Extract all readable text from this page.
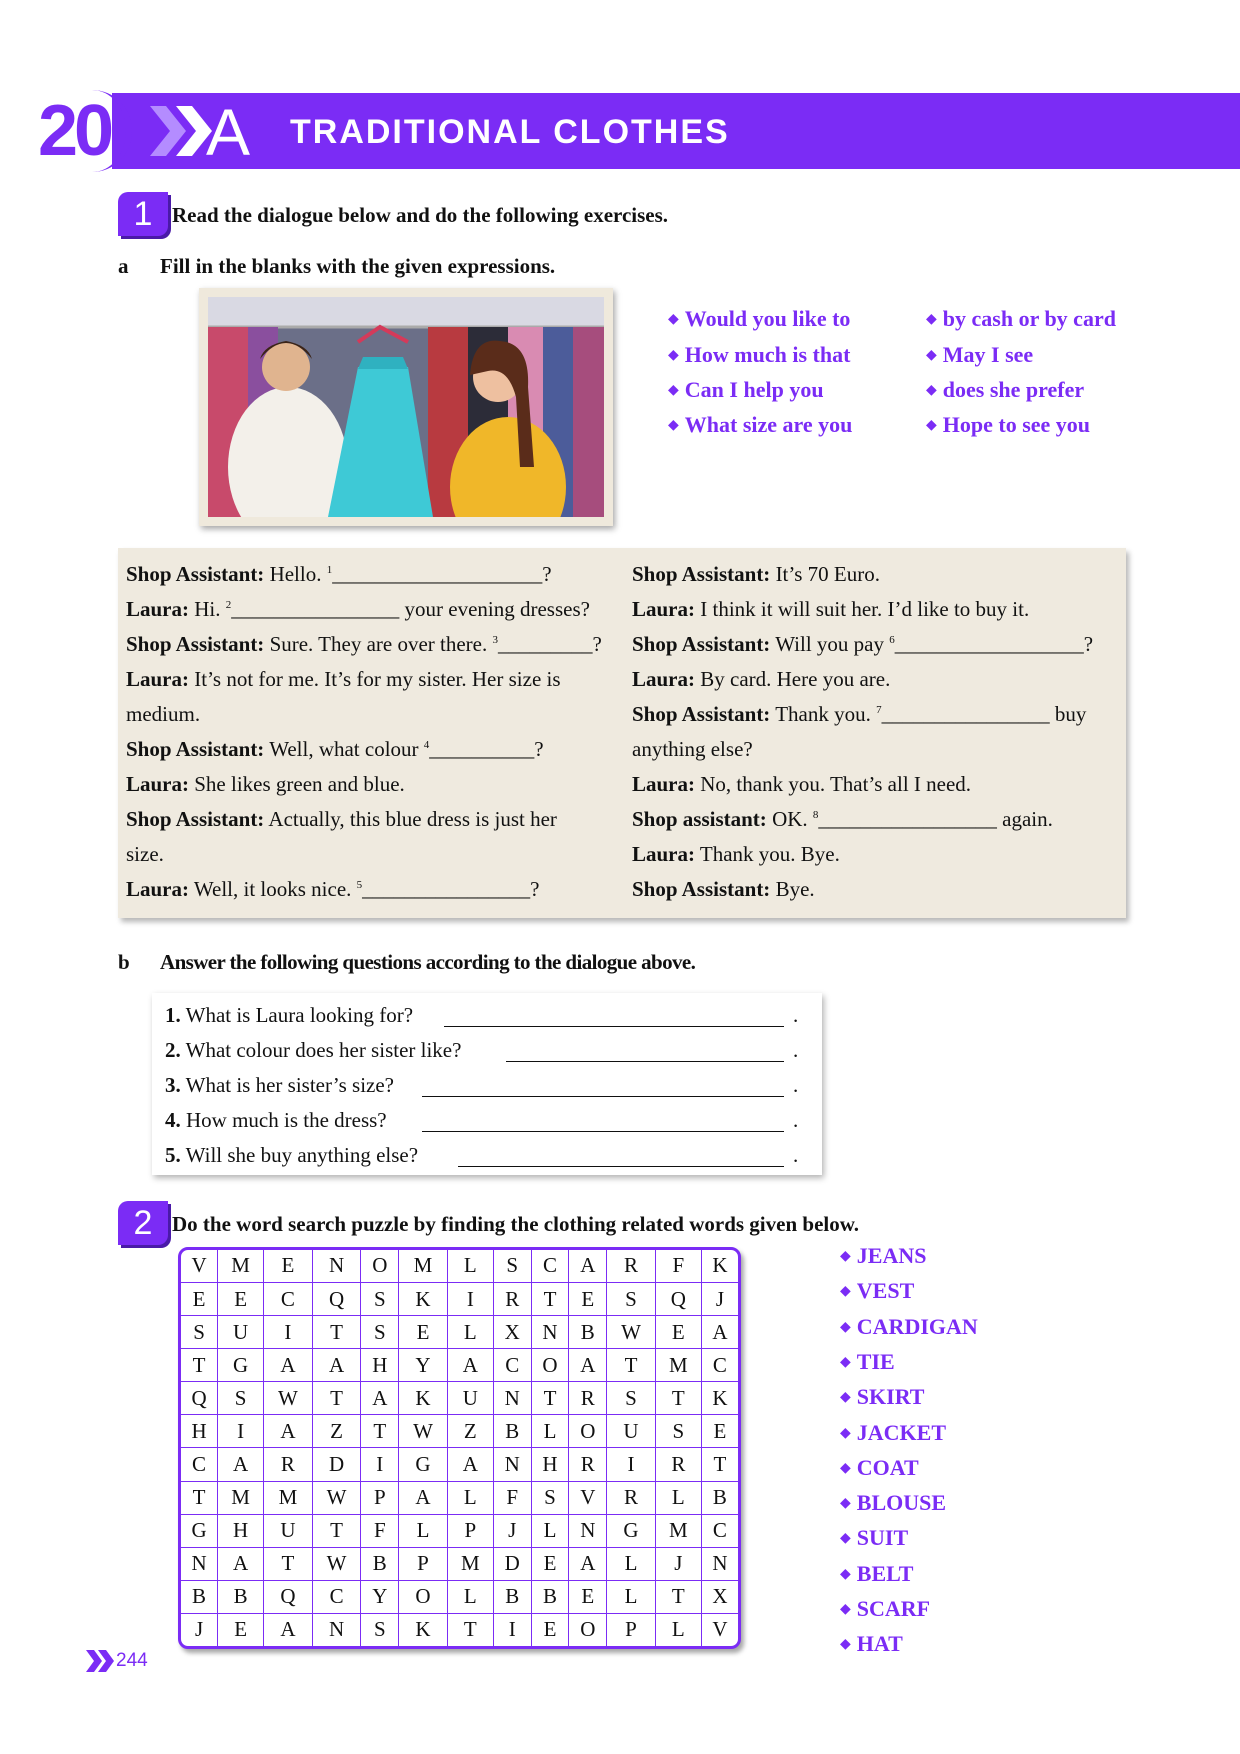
20 A TRADITIONAL CLOTHES
1 Read the dialogue below and do the following exercises.
a Fill in the blanks with the given expressions.
◆ Would you like to
◆ How much is that
◆ Can I help you
◆ What size are you
◆ by cash or by card
◆ May I see
◆ does she prefer
◆ Hope to see you
Shop Assistant: Hello. $^1$____________________?
Laura: Hi. $^2$________________ your evening dresses?
Shop Assistant: Sure. They are over there. $^3$_________?
Laura: It’s not for me. It’s for my sister. Her size is
medium.
Shop Assistant: Well, what colour $^4$__________?
Laura: She likes green and blue.
Shop Assistant: Actually, this blue dress is just her
size.
Laura: Well, it looks nice. $^5$________________?
Shop Assistant: It’s 70 Euro.
Laura: I think it will suit her. I’d like to buy it.
Shop Assistant: Will you pay $^6$__________________?
Laura: By card. Here you are.
Shop Assistant: Thank you. $^7$________________ buy
anything else?
Laura: No, thank you. That’s all I need.
Shop assistant: OK. $^8$_________________ again.
Laura: Thank you. Bye.
Shop Assistant: Bye.
b Answer the following questions according to the dialogue above.
1. What is Laura looking for?	.
2. What colour does her sister like?	.
3. What is her sister’s size?	.
4. How much is the dress?	.
5. Will she buy anything else?	.
2 Do the word search puzzle by finding the clothing related words given below.
V	M	E	N	O	M	L	S	C	A	R	F	K
E	E	C	Q	S	K	I	R	T	E	S	Q	J
S	U	I	T	S	E	L	X	N	B	W	E	A
T	G	A	A	H	Y	A	C	O	A	T	M	C
Q	S	W	T	A	K	U	N	T	R	S	T	K
H	I	A	Z	T	W	Z	B	L	O	U	S	E
C	A	R	D	I	G	A	N	H	R	I	R	T
T	M	M	W	P	A	L	F	S	V	R	L	B
G	H	U	T	F	L	P	J	L	N	G	M	C
N	A	T	W	B	P	M	D	E	A	L	J	N
B	B	Q	C	Y	O	L	B	B	E	L	T	X
J	E	A	N	S	K	T	I	E	O	P	L	V
◆ JEANS
◆ VEST
◆ CARDIGAN
◆ TIE
◆ SKIRT
◆ JACKET
◆ COAT
◆ BLOUSE
◆ SUIT
◆ BELT
◆ SCARF
◆ HAT
244
